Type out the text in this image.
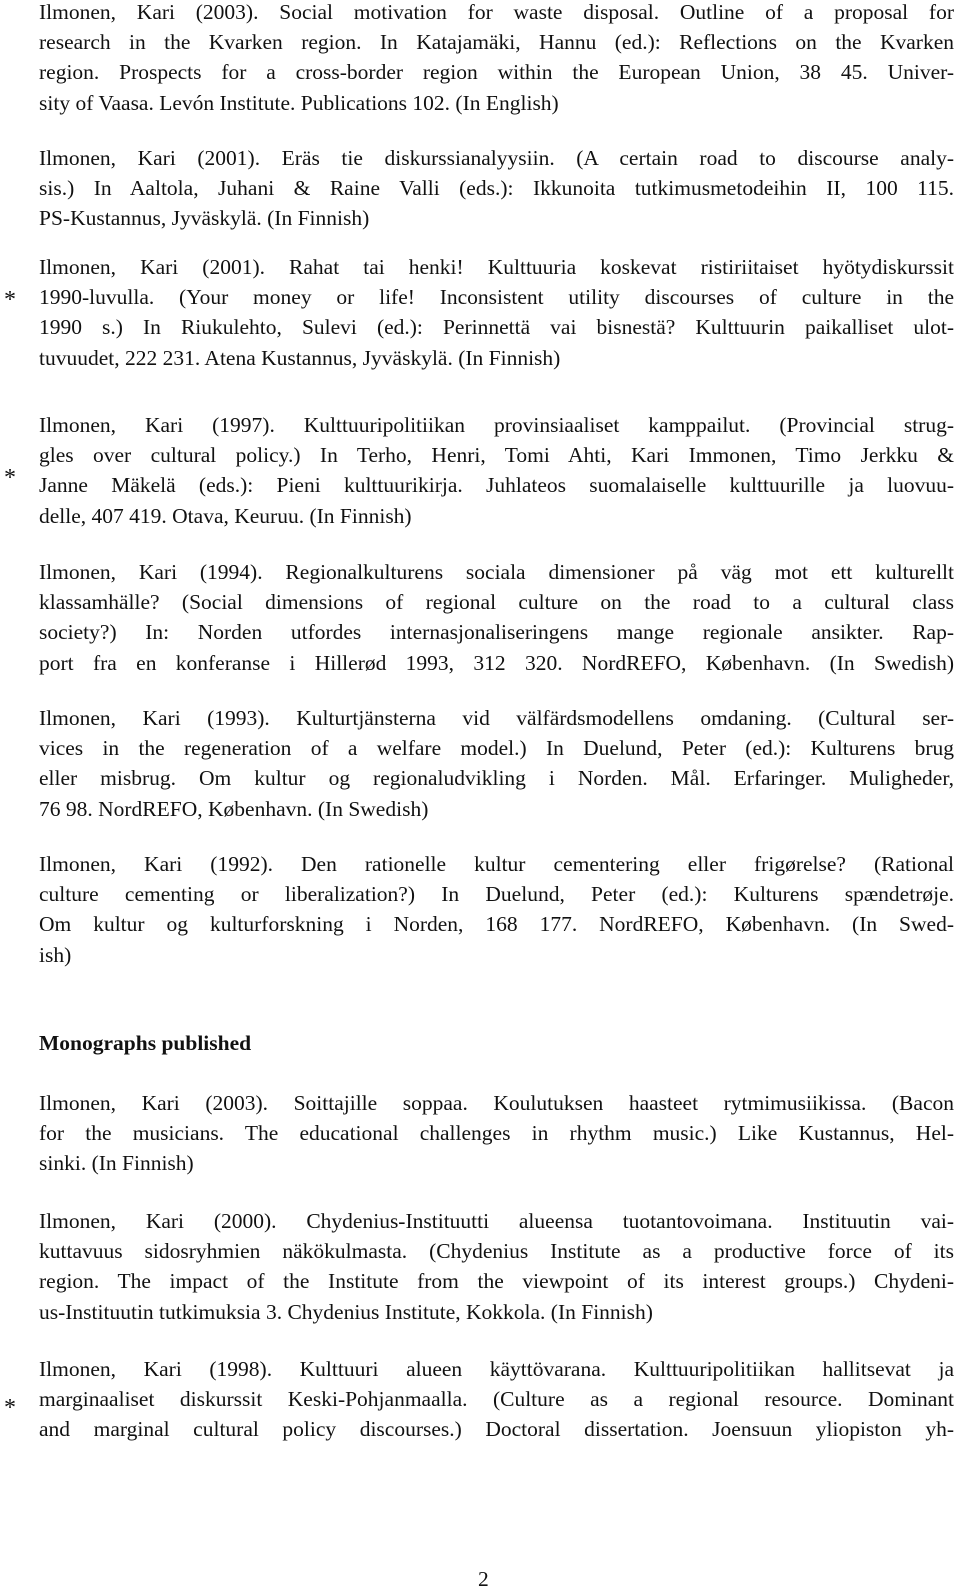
Ilmonen, Kari (2003). Social motivation for waste disposal. Outline of a proposal for
research in the Kvarken region. In Katajamäki, Hannu (ed.): Reflections on the Kvarken
region. Prospects for a cross-border region within the European Union, 38 45. Univer-
sity of Vaasa. Levón Institute. Publications 102. (In English)
Ilmonen, Kari (2001). Eräs tie diskurssianalyysiin. (A certain road to discourse analy-
sis.) In Aaltola, Juhani & Raine Valli (eds.): Ikkunoita tutkimusmetodeihin II, 100 115.
PS-Kustannus, Jyväskylä. (In Finnish)
*
Ilmonen, Kari (2001). Rahat tai henki! Kulttuuria koskevat ristiriitaiset hyötydiskurssit
1990-luvulla. (Your money or life! Inconsistent utility discourses of culture in the
1990 s.) In Riukulehto, Sulevi (ed.): Perinnettä vai bisnestä? Kulttuurin paikalliset ulot-
tuvuudet, 222 231. Atena Kustannus, Jyväskylä. (In Finnish)
*
Ilmonen, Kari (1997). Kulttuuripolitiikan provinsiaaliset kamppailut. (Provincial strug-
gles over cultural policy.) In Terho, Henri, Tomi Ahti, Kari Immonen, Timo Jerkku &
Janne Mäkelä (eds.): Pieni kulttuurikirja. Juhlateos suomalaiselle kulttuurille ja luovuu-
delle, 407 419. Otava, Keuruu. (In Finnish)
Ilmonen, Kari (1994). Regionalkulturens sociala dimensioner på väg mot ett kulturellt
klassamhälle? (Social dimensions of regional culture on the road to a cultural class
society?) In: Norden utfordes internasjonaliseringens mange regionale ansikter. Rap-
port fra en konferanse i Hillerød 1993, 312 320. NordREFO, København. (In Swedish)
Ilmonen, Kari (1993). Kulturtjänsterna vid välfärdsmodellens omdaning. (Cultural ser-
vices in the regeneration of a welfare model.) In Duelund, Peter (ed.): Kulturens brug
eller misbrug. Om kultur og regionaludvikling i Norden. Mål. Erfaringer. Muligheder,
76 98. NordREFO, København. (In Swedish)
Ilmonen, Kari (1992). Den rationelle kultur cementering eller frigørelse? (Rational
culture cementing or liberalization?) In Duelund, Peter (ed.): Kulturens spændetrøje.
Om kultur og kulturforskning i Norden, 168 177. NordREFO, København. (In Swed-
ish)
Monographs published
Ilmonen, Kari (2003). Soittajille soppaa. Koulutuksen haasteet rytmimusiikissa. (Bacon
for the musicians. The educational challenges in rhythm music.) Like Kustannus, Hel-
sinki. (In Finnish)
Ilmonen, Kari (2000). Chydenius-Instituutti alueensa tuotantovoimana. Instituutin vai-
kuttavuus sidosryhmien näkökulmasta. (Chydenius Institute as a productive force of its
region. The impact of the Institute from the viewpoint of its interest groups.) Chydeni-
us-Instituutin tutkimuksia 3. Chydenius Institute, Kokkola. (In Finnish)
*
Ilmonen, Kari (1998). Kulttuuri alueen käyttövarana. Kulttuuripolitiikan hallitsevat ja
marginaaliset diskurssit Keski-Pohjanmaalla. (Culture as a regional resource. Dominant
and marginal cultural policy discourses.) Doctoral dissertation. Joensuun yliopiston yh-
2
